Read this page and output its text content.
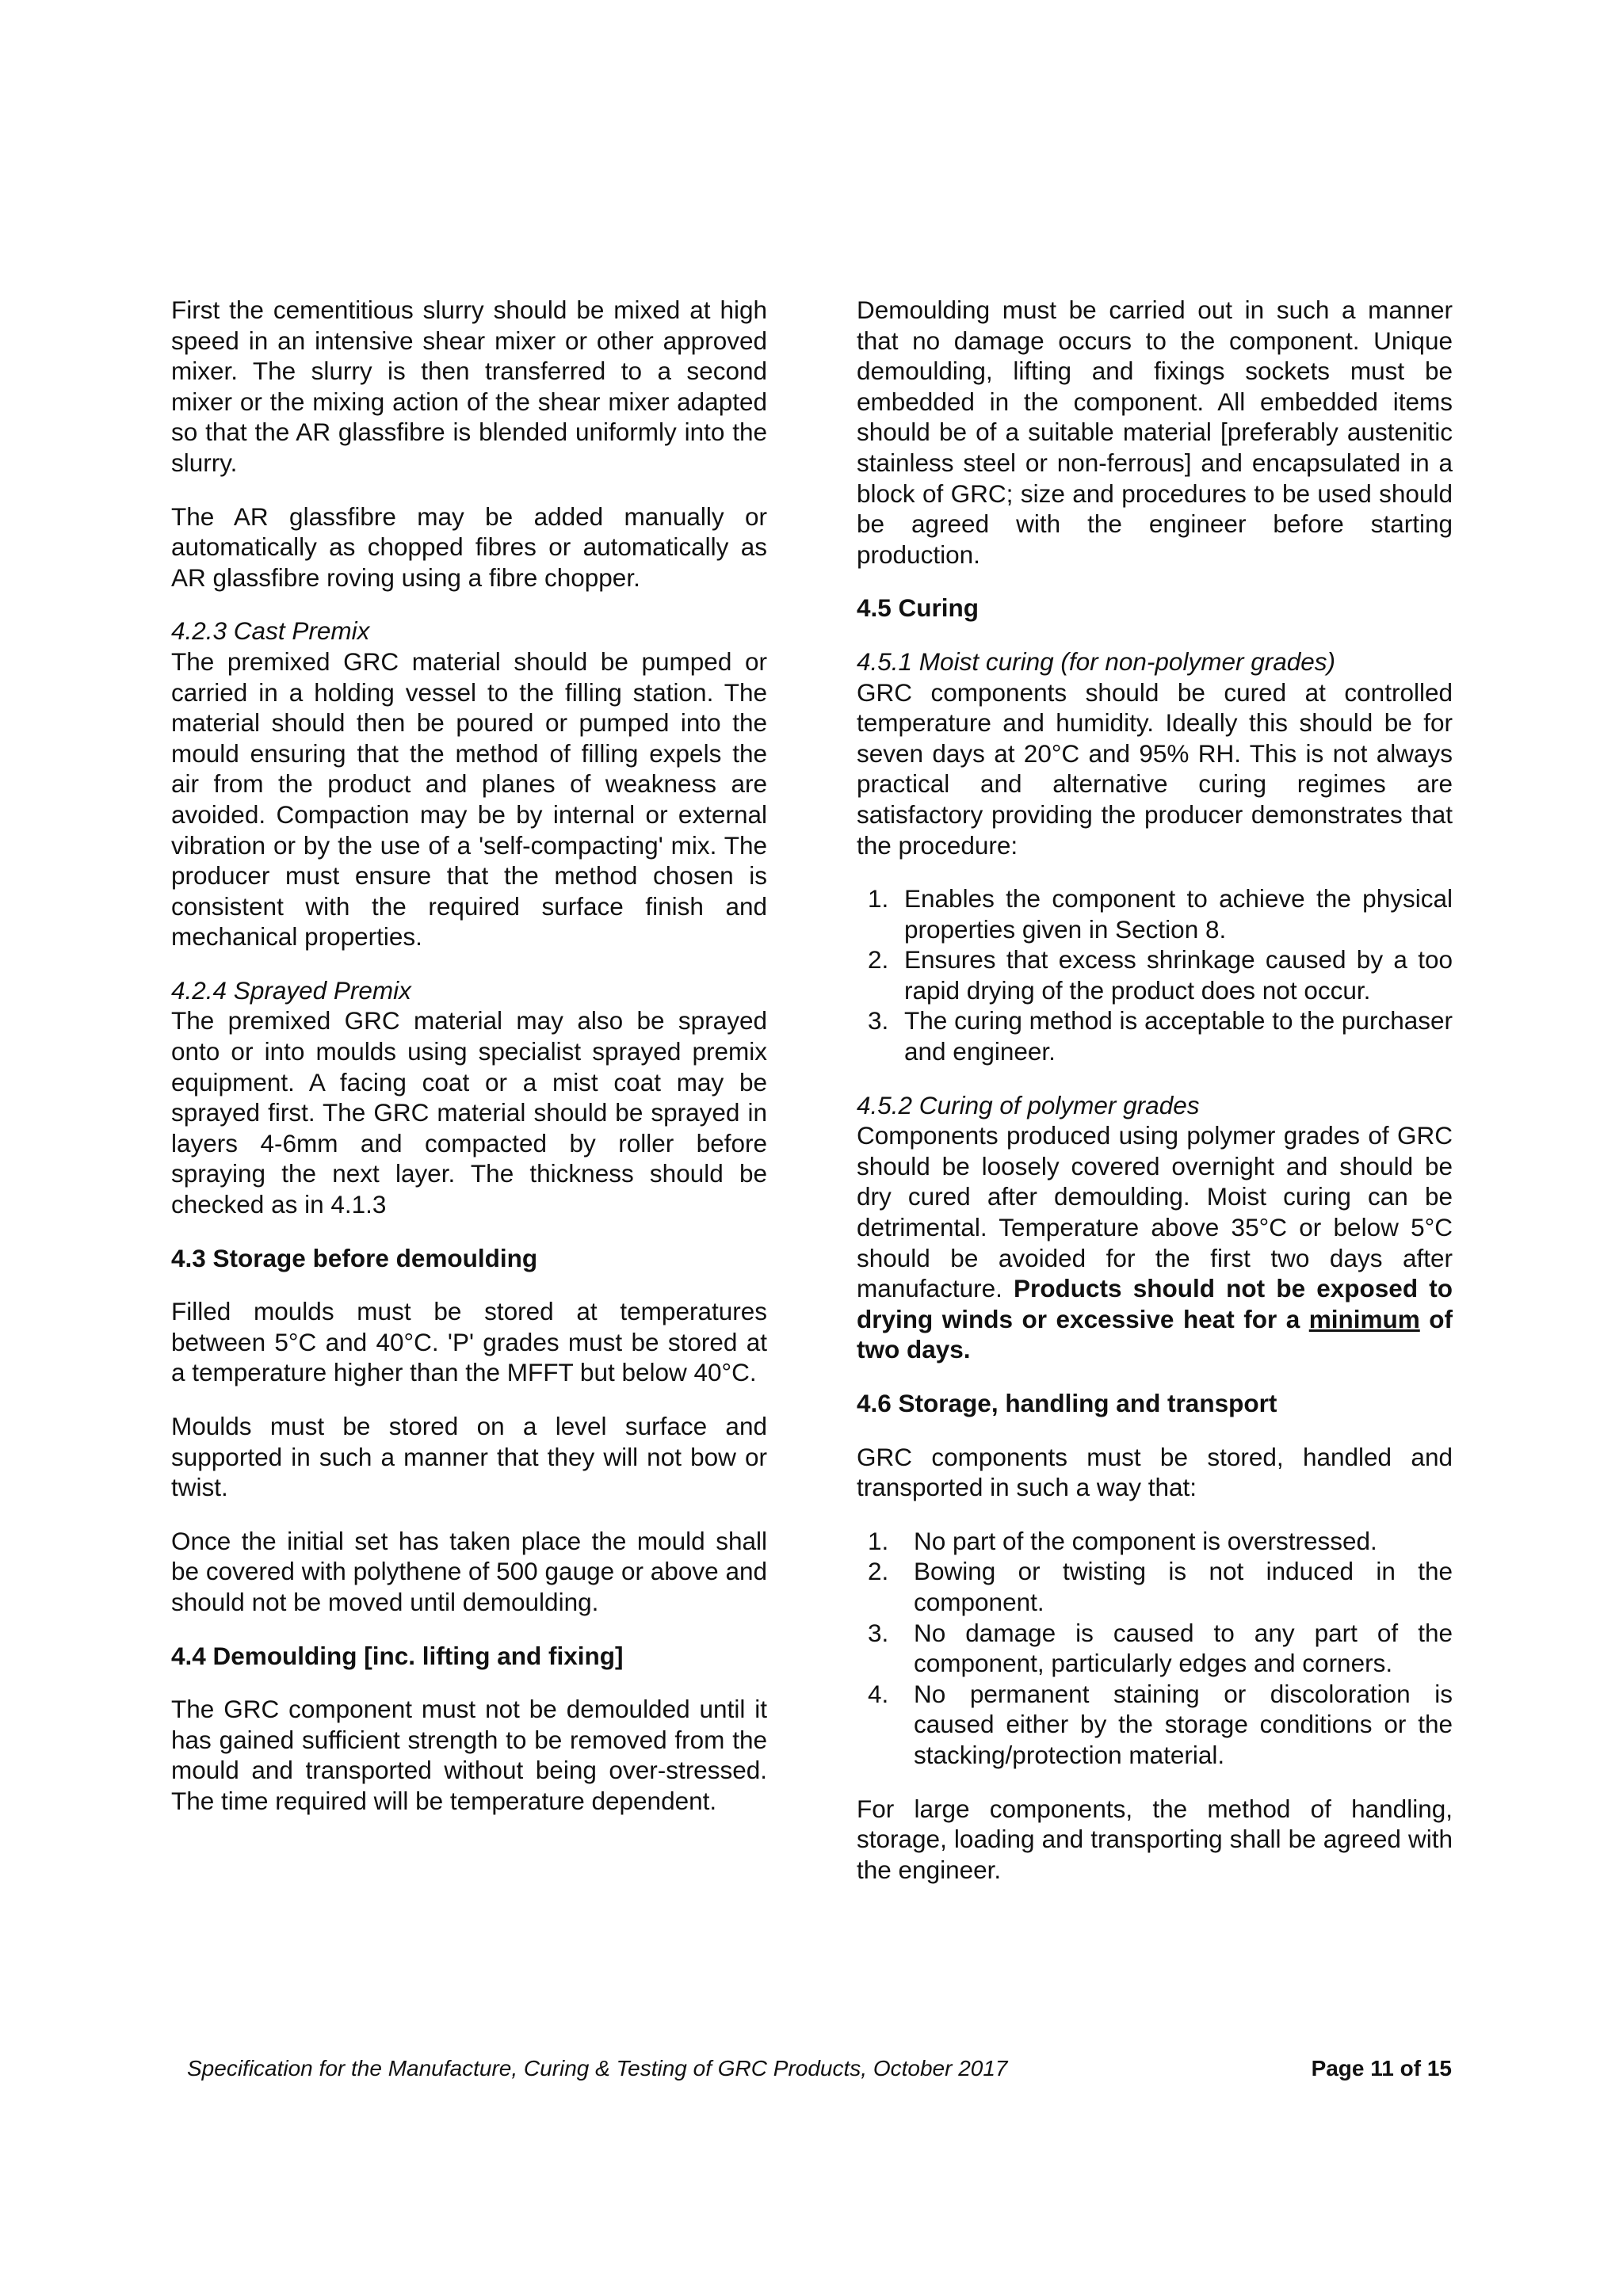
First the cementitious slurry should be mixed at high speed in an intensive shear mixer or other approved mixer. The slurry is then transferred to a second mixer or the mixing action of the shear mixer adapted so that the AR glassfibre is blended uniformly into the slurry.

The AR glassfibre may be added manually or automatically as chopped fibres or automatically as AR glassfibre roving using a fibre chopper.

4.2.3 Cast Premix
The premixed GRC material should be pumped or carried in a holding vessel to the filling station. The material should then be poured or pumped into the mould ensuring that the method of filling expels the air from the product and planes of weakness are avoided. Compaction may be by internal or external vibration or by the use of a 'self-compacting' mix. The producer must ensure that the method chosen is consistent with the required surface finish and mechanical properties.

4.2.4 Sprayed Premix
The premixed GRC material may also be sprayed onto or into moulds using specialist sprayed premix equipment. A facing coat or a mist coat may be sprayed first. The GRC material should be sprayed in layers 4-6mm and compacted by roller before spraying the next layer. The thickness should be checked as in 4.1.3

4.3 Storage before demoulding

Filled moulds must be stored at temperatures between 5°C and 40°C. 'P' grades must be stored at a temperature higher than the MFFT but below 40°C.

Moulds must be stored on a level surface and supported in such a manner that they will not bow or twist.

Once the initial set has taken place the mould shall be covered with polythene of 500 gauge or above and should not be moved until demoulding.

4.4 Demoulding [inc. lifting and fixing]

The GRC component must not be demoulded until it has gained sufficient strength to be removed from the mould and transported without being over-stressed. The time required will be temperature dependent.

Demoulding must be carried out in such a manner that no damage occurs to the component. Unique demoulding, lifting and fixings sockets must be embedded in the component. All embedded items should be of a suitable material [preferably austenitic stainless steel or non-ferrous] and encapsulated in a block of GRC; size and procedures to be used should be agreed with the engineer before starting production.

4.5 Curing

4.5.1 Moist curing (for non-polymer grades)
GRC components should be cured at controlled temperature and humidity. Ideally this should be for seven days at 20°C and 95% RH. This is not always practical and alternative curing regimes are satisfactory providing the producer demonstrates that the procedure:

1. Enables the component to achieve the physical properties given in Section 8.
2. Ensures that excess shrinkage caused by a too rapid drying of the product does not occur.
3. The curing method is acceptable to the purchaser and engineer.

4.5.2 Curing of polymer grades
Components produced using polymer grades of GRC should be loosely covered overnight and should be dry cured after demoulding. Moist curing can be detrimental. Temperature above 35°C or below 5°C should be avoided for the first two days after manufacture. Products should not be exposed to drying winds or excessive heat for a minimum of two days.

4.6 Storage, handling and transport

GRC components must be stored, handled and transported in such a way that:

1. No part of the component is overstressed.
2. Bowing or twisting is not induced in the component.
3. No damage is caused to any part of the component, particularly edges and corners.
4. No permanent staining or discoloration is caused either by the storage conditions or the stacking/protection material.

For large components, the method of handling, storage, loading and transporting shall be agreed with the engineer.

Specification for the Manufacture, Curing & Testing of GRC Products, October 2017	Page 11 of 15
